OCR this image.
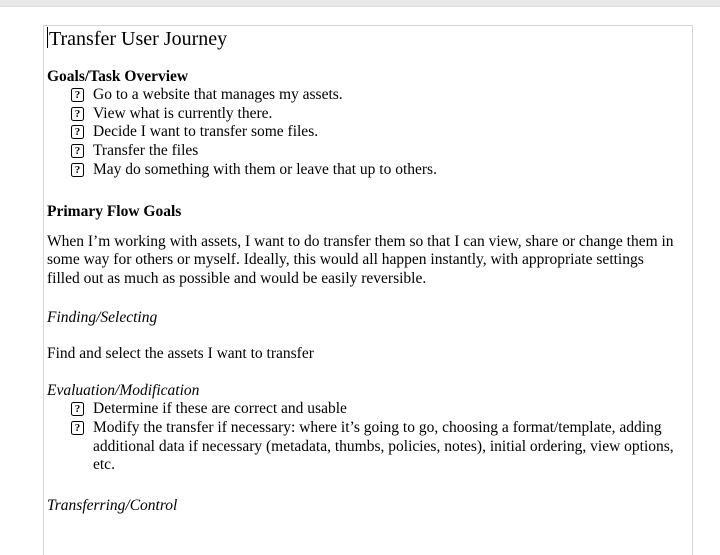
Transfer User Journey
Goals/Task Overview
? Go to a website that manages my assets.
? View what is currently there.
? Decide I want to transfer some files.
? Transfer the files
? May do something with them or leave that up to others.
Primary Flow Goals

When I’m working with assets, I want to do transfer them so that I can view, share or change them in some way for others or myself. Ideally, this would all happen instantly, with appropriate settings filled out as much as possible and would be easily reversible.

Finding/Selecting

Find and select the assets I want to transfer

Evaluation/Modification
? Determine if these are correct and usable
? Modify the transfer if necessary: where it’s going to go, choosing a format/template, adding additional data if necessary (metadata, thumbs, policies, notes), initial ordering, view options, etc.
Transferring/Control
